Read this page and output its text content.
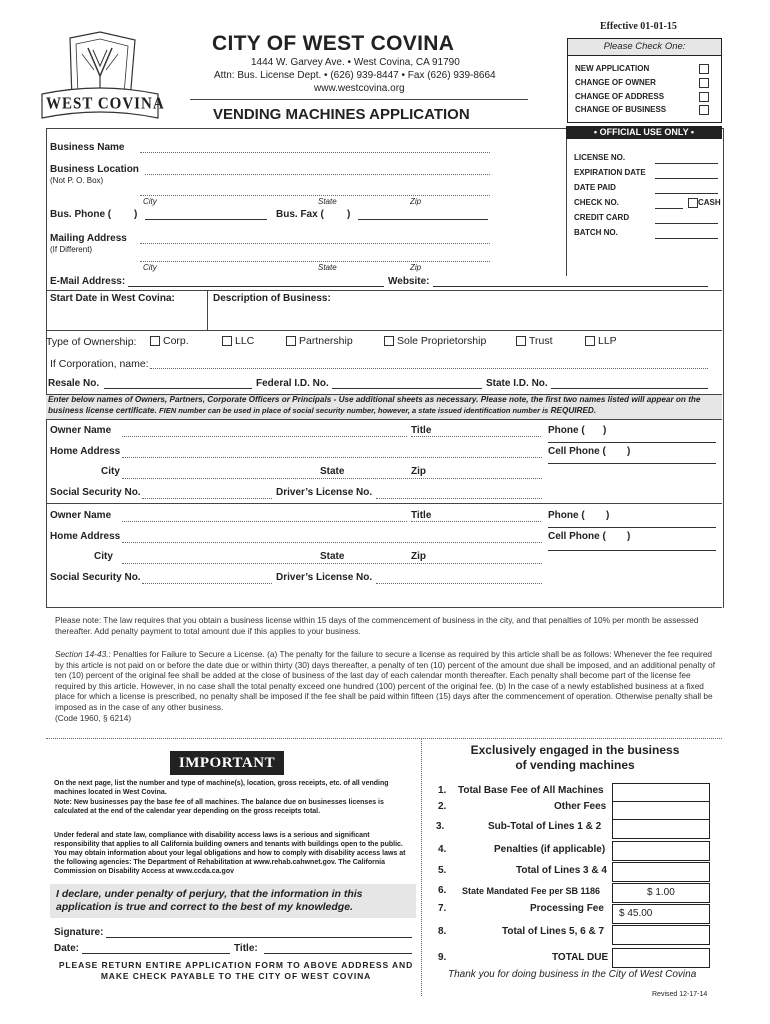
Effective 01-01-15
WEST COVINA
CITY OF WEST COVINA
1444 W. Garvey Ave. • West Covina, CA 91790
Attn: Bus. License Dept. • (626) 939-8447 • Fax (626) 939-8664
www.westcovina.org
VENDING MACHINES APPLICATION
Please Check One:
NEW APPLICATION
CHANGE OF OWNER
CHANGE OF ADDRESS
CHANGE OF BUSINESS
• OFFICIAL USE ONLY •
LICENSE NO.
EXPIRATION DATE
DATE PAID
CHECK NO.	CASH
CREDIT CARD
BATCH NO.
Business Name
Business Location
(Not P. O. Box)
City	State	Zip
Bus. Phone ( )	Bus. Fax ( )
Mailing Address
(If Different)
City	State	Zip
E-Mail Address:	Website:
Start Date in West Covina:	Description of Business:
Type of Ownership:	Corp.	LLC	Partnership	Sole Proprietorship	Trust	LLP
If Corporation, name:
Resale No.	Federal I.D. No.	State I.D. No.
Enter below names of Owners, Partners, Corporate Officers or Principals - Use additional sheets as necessary. Please note, the first two names listed will appear on the business license certificate. FIEN number can be used in place of social security number, however, a state issued identification number is REQUIRED.
Owner Name	Title	Phone ( )
Home Address	Cell Phone ( )
City	State	Zip
Social Security No.	Driver’s License No.
Owner Name	Title	Phone ( )
Home Address	Cell Phone ( )
City	State	Zip
Social Security No.	Driver’s License No.
Please note: The law requires that you obtain a business license within 15 days of the commencement of business in the city, and that penalties of 10% per month be assessed thereafter. Add penalty payment to total amount due if this applies to your business.
Section 14-43.: Penalties for Failure to Secure a License. (a) The penalty for the failure to secure a license as required by this article shall be as follows: Whenever the fee required by this article is not paid on or before the date due or within thirty (30) days thereafter, a penalty of ten (10) percent of the amount due shall be imposed, and an additional penalty of ten (10) percent of the original fee shall be added at the close of business of the last day of each calendar month thereafter. Each penalty shall become part of the license fee required by this article. However, in no case shall the total penalty exceed one hundred (100) percent of the original fee. (b) In the case of a newly established business at a fixed place for which a license is prescribed, no penalty shall be imposed if the fee shall be paid within fifteen (15) days after the commencement of operation. Otherwise penalty shall be imposed as in the case of any other business.
(Code 1960, § 6214)
IMPORTANT
On the next page, list the number and type of machine(s), location, gross receipts, etc. of all vending machines located in West Covina.
Note: New businesses pay the base fee of all machines. The balance due on businesses licenses is calculated at the end of the calendar year depending on the gross receipts total.
Under federal and state law, compliance with disability access laws is a serious and significant responsibility that applies to all California building owners and tenants with buildings open to the public. You may obtain information about your legal obligations and how to comply with disability access laws at the following agencies: The Department of Rehabilitation at www.rehab.cahwnet.gov. The California Commission on Disability Access at www.ccda.ca.gov
I declare, under penalty of perjury, that the information in this application is true and correct to the best of my knowledge.
Signature:
Date:	Title:
PLEASE RETURN ENTIRE APPLICATION FORM TO ABOVE ADDRESS AND MAKE CHECK PAYABLE TO THE CITY OF WEST COVINA
Exclusively engaged in the business of vending machines
1. Total Base Fee of All Machines
2.	Other Fees
3.	Sub-Total of Lines 1 & 2
4.	Penalties (if applicable)
5.	Total of Lines 3 & 4
6. State Mandated Fee per SB 1186	$ 1.00
7.	Processing Fee	$ 45.00
8.	Total of Lines 5, 6 & 7
9.	TOTAL DUE
Thank you for doing business in the City of West Covina
Revised 12-17-14
